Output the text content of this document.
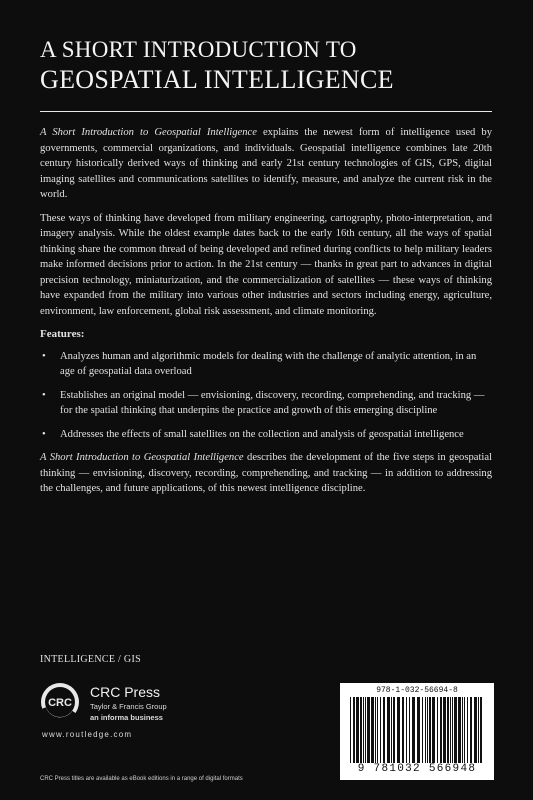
A SHORT INTRODUCTION TO
GEOSPATIAL INTELLIGENCE

A Short Introduction to Geospatial Intelligence explains the newest form of intelligence used by governments, commercial organizations, and individuals. Geospatial intelligence combines late 20th century historically derived ways of thinking and early 21st century technologies of GIS, GPS, digital imaging satellites and communications satellites to identify, measure, and analyze the current risk in the world.

These ways of thinking have developed from military engineering, cartography, photo-interpretation, and imagery analysis. While the oldest example dates back to the early 16th century, all the ways of spatial thinking share the common thread of being developed and refined during conflicts to help military leaders make informed decisions prior to action. In the 21st century — thanks in great part to advances in digital precision technology, miniaturization, and the commercialization of satellites — these ways of thinking have expanded from the military into various other industries and sectors including energy, agriculture, environment, law enforcement, global risk assessment, and climate monitoring.

Features:
• Analyzes human and algorithmic models for dealing with the challenge of analytic attention, in an age of geospatial data overload
• Establishes an original model — envisioning, discovery, recording, comprehending, and tracking — for the spatial thinking that underpins the practice and growth of this emerging discipline
• Addresses the effects of small satellites on the collection and analysis of geospatial intelligence

A Short Introduction to Geospatial Intelligence describes the development of the five steps in geospatial thinking — envisioning, discovery, recording, comprehending, and tracking — in addition to addressing the challenges, and future applications, of this newest intelligence discipline.

INTELLIGENCE / GIS
CRC
CRC Press
Taylor & Francis Group
an informa business
www.routledge.com
CRC Press titles are available as eBook editions in a range of digital formats
978-1-032-56694-8
9 781032 566948
